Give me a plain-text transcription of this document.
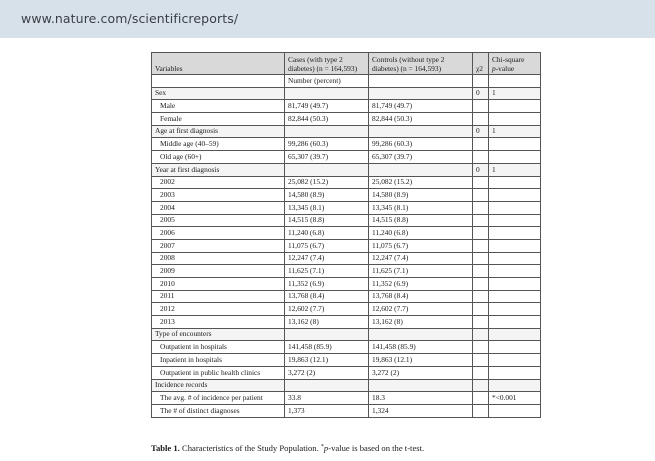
www.nature.com/scientificreports/
Variables	Cases (with type 2 diabetes) (n = 164,593)	Controls (without type 2 diabetes) (n = 164,593)	χ2	Chi-square
p-value
	Number (percent)			
Sex			0	1
Male	81,749 (49.7)	81,749 (49.7)		
Female	82,844 (50.3)	82,844 (50.3)		
Age at first diagnosis			0	1
Middle age (40–59)	99,286 (60.3)	99,286 (60.3)		
Old age (60+)	65,307 (39.7)	65,307 (39.7)		
Year at first diagnosis			0	1
2002	25,082 (15.2)	25,082 (15.2)		
2003	14,580 (8.9)	14,580 (8.9)		
2004	13,345 (8.1)	13,345 (8.1)		
2005	14,515 (8.8)	14,515 (8.8)		
2006	11,240 (6.8)	11,240 (6.8)		
2007	11,075 (6.7)	11,075 (6.7)		
2008	12,247 (7.4)	12,247 (7.4)		
2009	11,625 (7.1)	11,625 (7.1)		
2010	11,352 (6.9)	11,352 (6.9)		
2011	13,768 (8.4)	13,768 (8.4)		
2012	12,602 (7.7)	12,602 (7.7)		
2013	13,162 (8)	13,162 (8)		
Type of encounters				
Outpatient in hospitals	141,458 (85.9)	141,458 (85.9)		
Inpatient in hospitals	19,863 (12.1)	19,863 (12.1)		
Outpatient in public health clinics	3,272 (2)	3,272 (2)		
Incidence records				
The avg. # of incidence per patient	33.8	18.3		*<0.001
The # of distinct diagnoses	1,373	1,324		
Table 1. Characteristics of the Study Population. *p-value is based on the t-test.
